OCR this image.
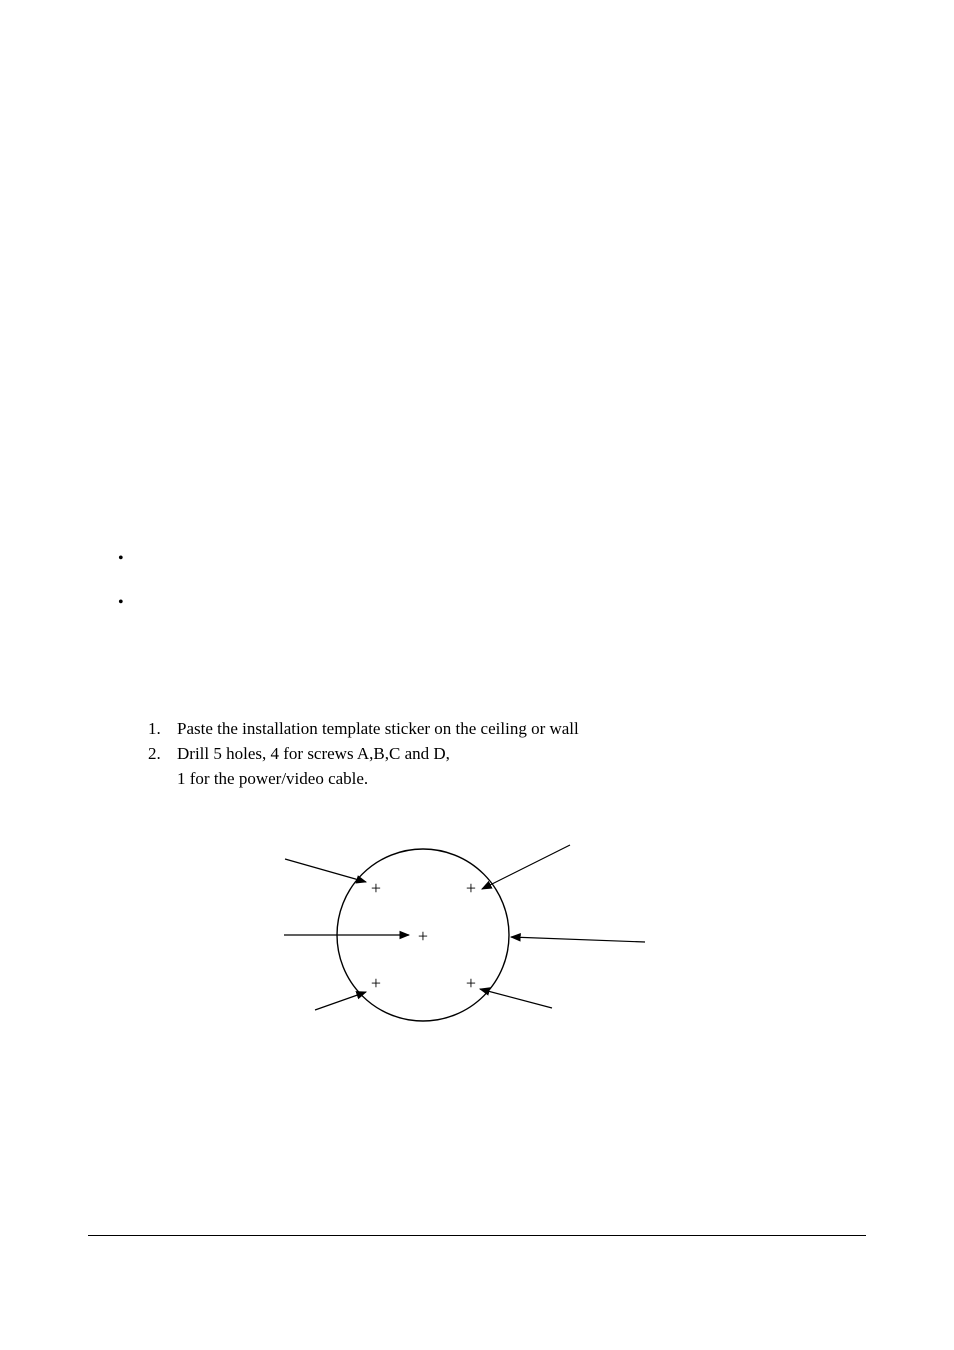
•
•
1. Paste the installation template sticker on the ceiling or wall
2. Drill 5 holes, 4 for screws A,B,C and D,
1 for the power/video cable.
+	+
+
+	+
